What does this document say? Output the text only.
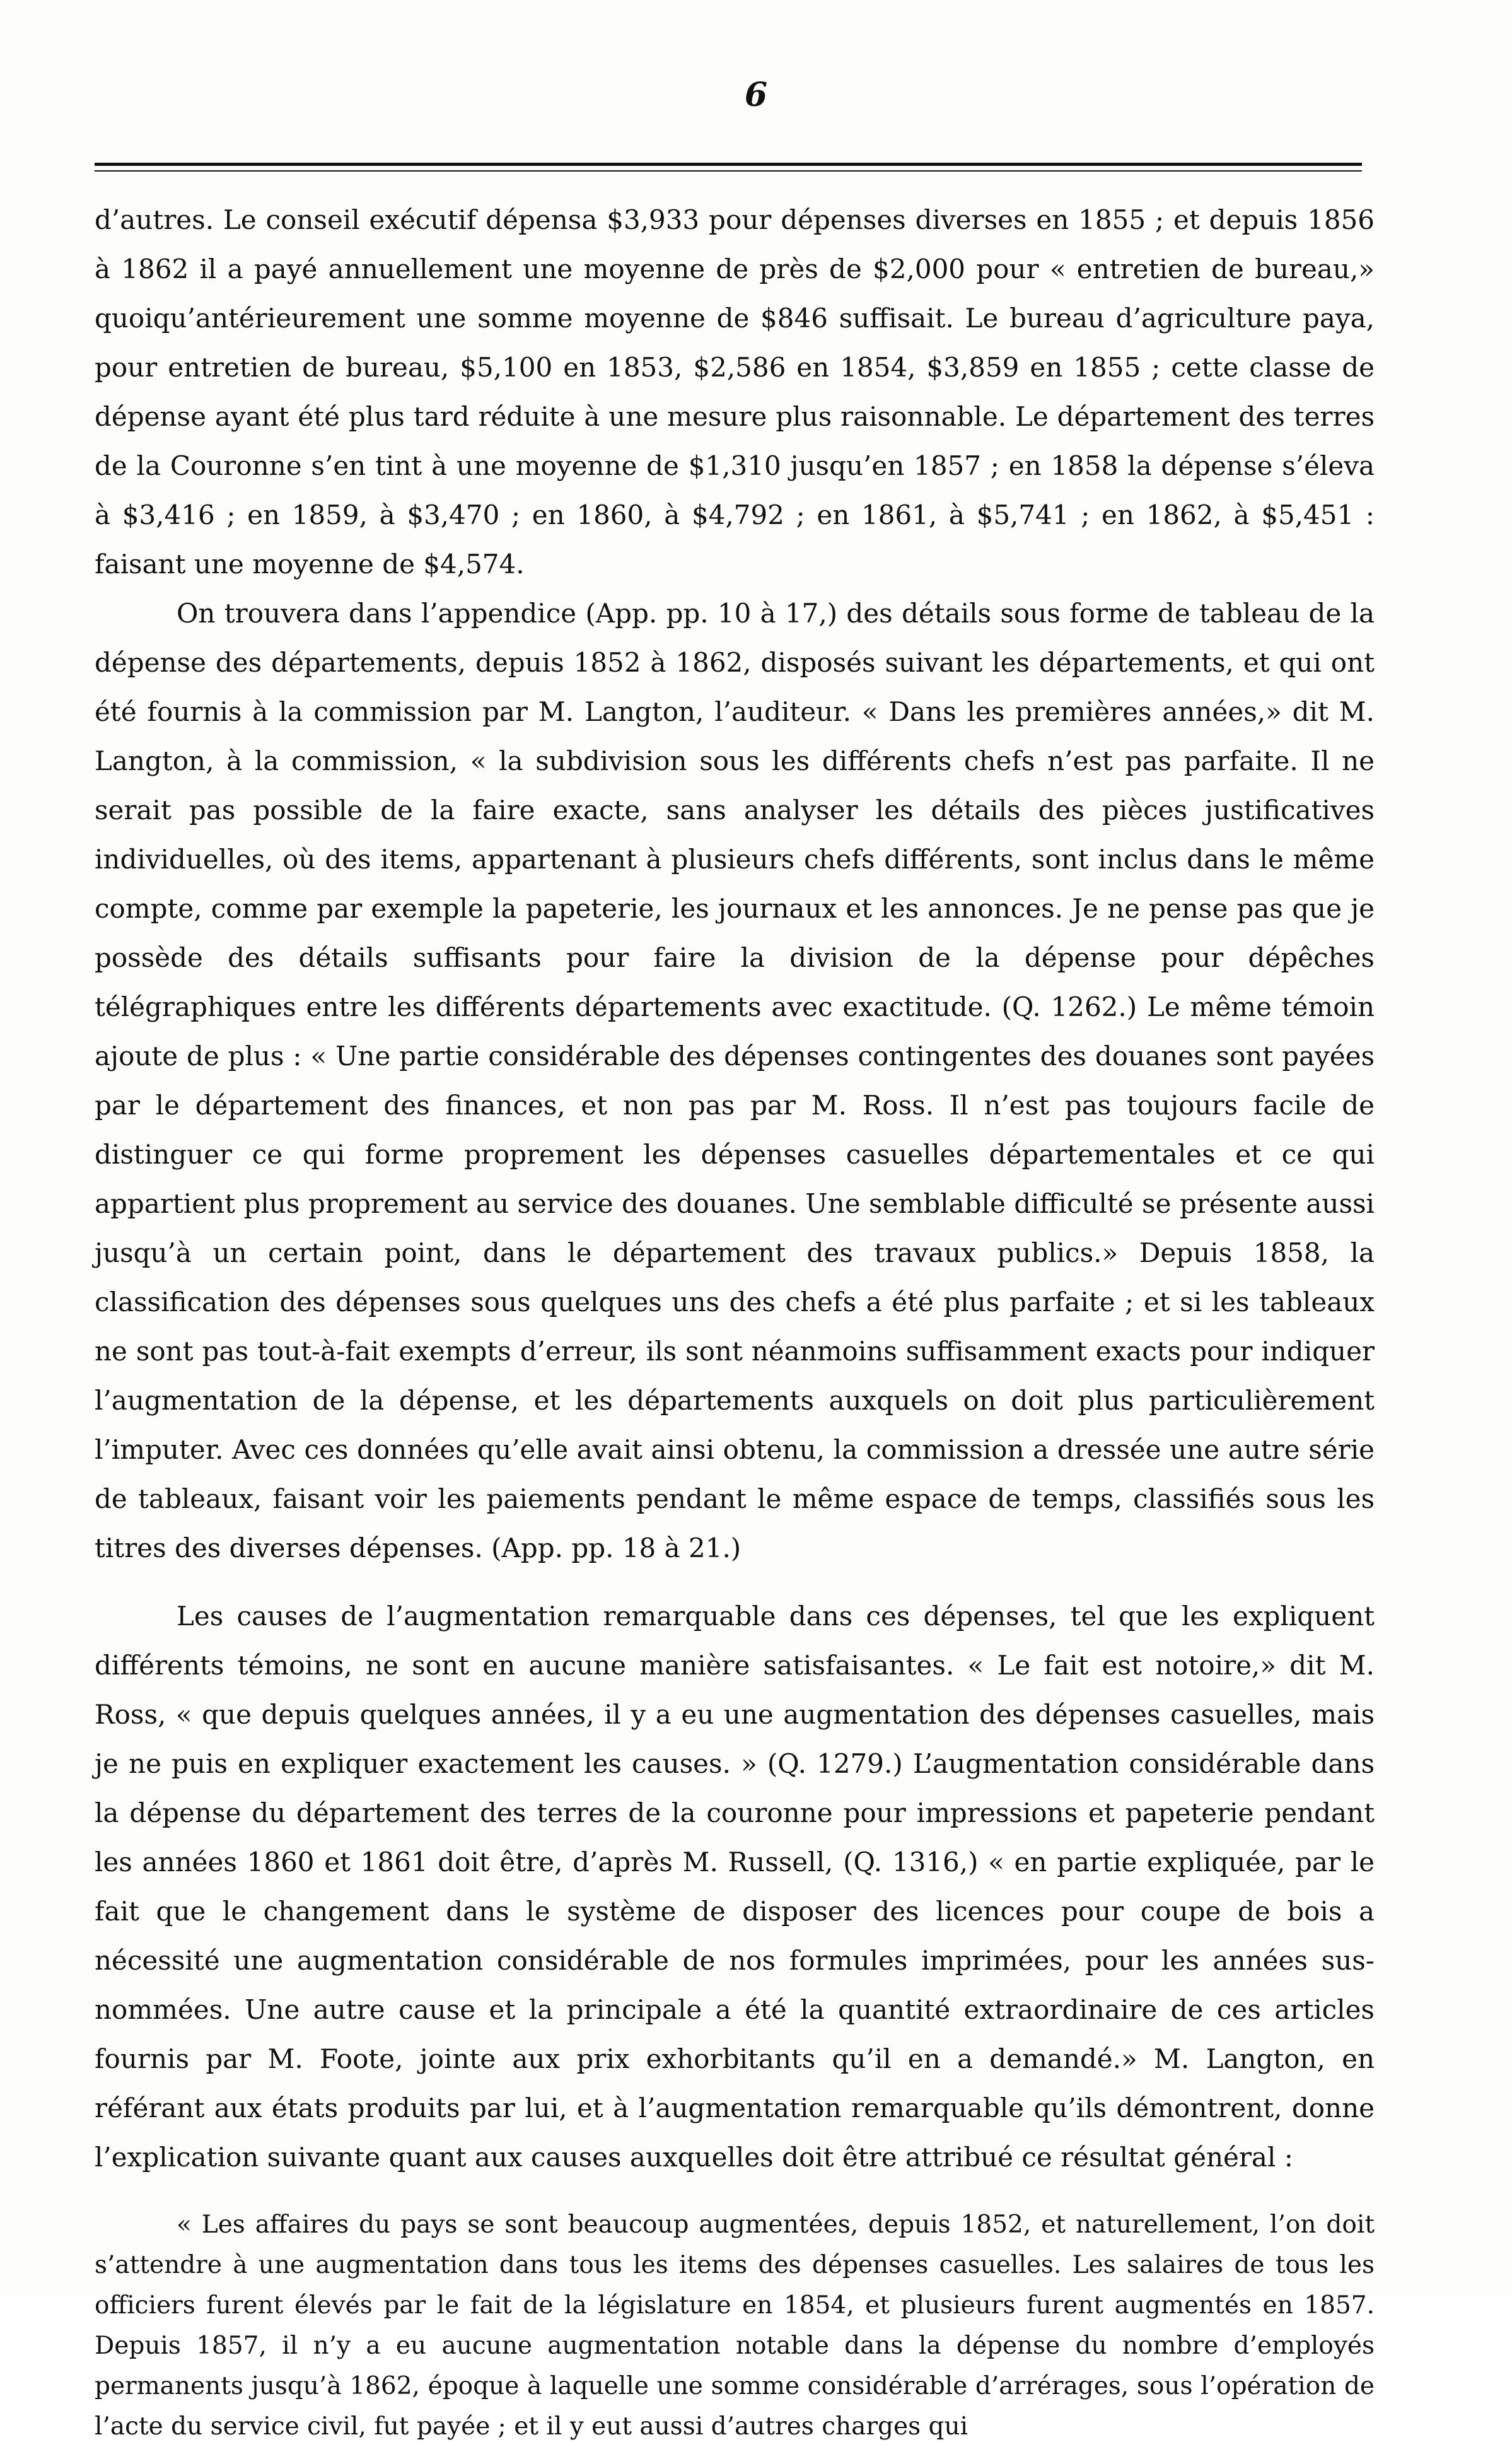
6

d’autres. Le conseil exécutif dépensa $3,933 pour dépenses diverses en 1855 ; et depuis 1856 à 1862 il a payé annuellement une moyenne de près de $2,000 pour « entretien de bureau,» quoiqu’antérieurement une somme moyenne de $846 suffisait. Le bureau d’agriculture paya, pour entretien de bureau, $5,100 en 1853, $2,586 en 1854, $3,859 en 1855 ; cette classe de dépense ayant été plus tard réduite à une mesure plus raisonnable. Le département des terres de la Couronne s’en tint à une moyenne de $1,310 jusqu’en 1857 ; en 1858 la dépense s’éleva à $3,416 ; en 1859, à $3,470 ; en 1860, à $4,792 ; en 1861, à $5,741 ; en 1862, à $5,451 : faisant une moyenne de $4,574.

On trouvera dans l’appendice (App. pp. 10 à 17,) des détails sous forme de tableau de la dépense des départements, depuis 1852 à 1862, disposés suivant les départements, et qui ont été fournis à la commission par M. Langton, l’auditeur. « Dans les premières années,» dit M. Langton, à la commission, « la subdivision sous les différents chefs n’est pas parfaite. Il ne serait pas possible de la faire exacte, sans analyser les détails des pièces justificatives individuelles, où des items, appartenant à plusieurs chefs différents, sont inclus dans le même compte, comme par exemple la papeterie, les journaux et les annonces. Je ne pense pas que je possède des détails suffisants pour faire la division de la dépense pour dépêches télégraphiques entre les différents départements avec exactitude. (Q. 1262.) Le même témoin ajoute de plus : « Une partie considérable des dépenses contingentes des douanes sont payées par le département des finances, et non pas par M. Ross. Il n’est pas toujours facile de distinguer ce qui forme proprement les dépenses casuelles départementales et ce qui appartient plus proprement au service des douanes. Une semblable difficulté se présente aussi jusqu’à un certain point, dans le département des travaux publics.» Depuis 1858, la classification des dépenses sous quelques uns des chefs a été plus parfaite ; et si les tableaux ne sont pas tout-à-fait exempts d’erreur, ils sont néanmoins suffisamment exacts pour indiquer l’augmentation de la dépense, et les départements auxquels on doit plus particulièrement l’imputer. Avec ces données qu’elle avait ainsi obtenu, la commission a dressée une autre série de tableaux, faisant voir les paiements pendant le même espace de temps, classifiés sous les titres des diverses dépenses. (App. pp. 18 à 21.)

Les causes de l’augmentation remarquable dans ces dépenses, tel que les expliquent différents témoins, ne sont en aucune manière satisfaisantes. « Le fait est notoire,» dit M. Ross, « que depuis quelques années, il y a eu une augmentation des dépenses casuelles, mais je ne puis en expliquer exactement les causes. » (Q. 1279.) L’augmentation considérable dans la dépense du département des terres de la couronne pour impressions et papeterie pendant les années 1860 et 1861 doit être, d’après M. Russell, (Q. 1316,) « en partie expliquée, par le fait que le changement dans le système de disposer des licences pour coupe de bois a nécessité une augmentation considérable de nos formules imprimées, pour les années sus-nommées. Une autre cause et la principale a été la quantité extraordinaire de ces articles fournis par M. Foote, jointe aux prix exhorbitants qu’il en a demandé.» M. Langton, en référant aux états produits par lui, et à l’augmentation remarquable qu’ils démontrent, donne l’explication suivante quant aux causes auxquelles doit être attribué ce résultat général :

« Les affaires du pays se sont beaucoup augmentées, depuis 1852, et naturellement, l’on doit s’attendre à une augmentation dans tous les items des dépenses casuelles. Les salaires de tous les officiers furent élevés par le fait de la législature en 1854, et plusieurs furent augmentés en 1857. Depuis 1857, il n’y a eu aucune augmentation notable dans la dépense du nombre d’employés permanents jusqu’à 1862, époque à laquelle une somme considérable d’arrérages, sous l’opération de l’acte du service civil, fut payée ; et il y eut aussi d’autres charges qui
